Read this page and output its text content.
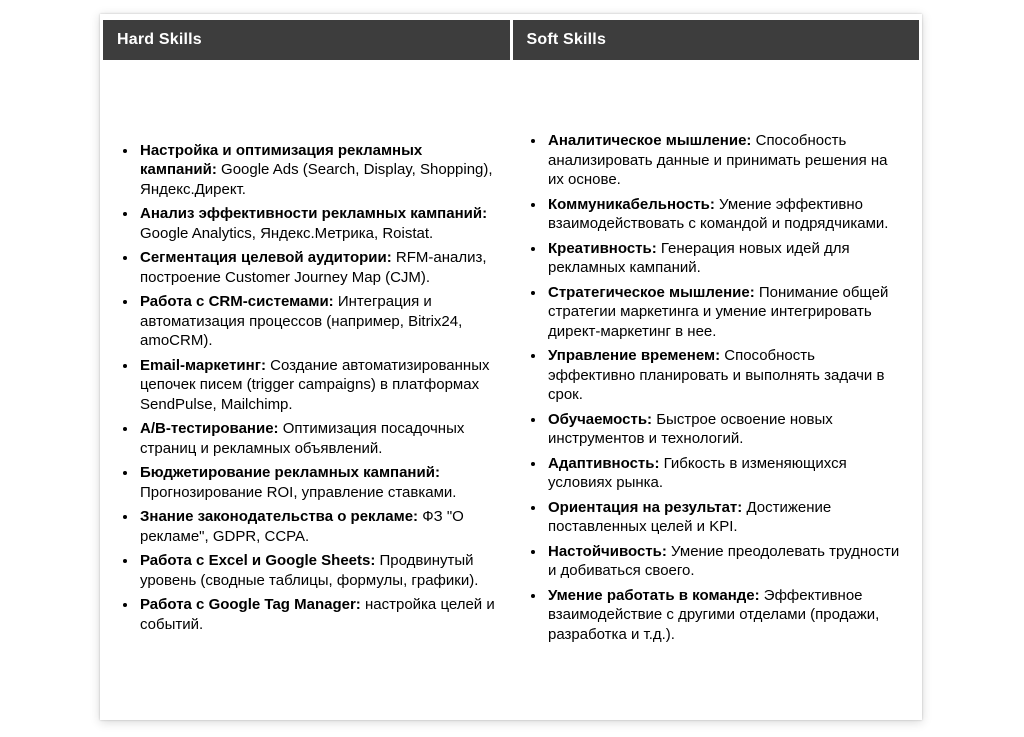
Hard Skills	Soft Skills
• Настройка и оптимизация рекламных кампаний: Google Ads (Search, Display, Shopping), Яндекс.Директ.
• Анализ эффективности рекламных кампаний: Google Analytics, Яндекс.Метрика, Roistat.
• Сегментация целевой аудитории: RFM-анализ, построение Customer Journey Map (CJM).
• Работа с CRM-системами: Интеграция и автоматизация процессов (например, Bitrix24, amoCRM).
• Email-маркетинг: Создание автоматизированных цепочек писем (trigger campaigns) в платформах SendPulse, Mailchimp.
• A/B-тестирование: Оптимизация посадочных страниц и рекламных объявлений.
• Бюджетирование рекламных кампаний: Прогнозирование ROI, управление ставками.
• Знание законодательства о рекламе: ФЗ "О рекламе", GDPR, CCPA.
• Работа с Excel и Google Sheets: Продвинутый уровень (сводные таблицы, формулы, графики).
• Работа с Google Tag Manager: настройка целей и событий.
• Аналитическое мышление: Способность анализировать данные и принимать решения на их основе.
• Коммуникабельность: Умение эффективно взаимодействовать с командой и подрядчиками.
• Креативность: Генерация новых идей для рекламных кампаний.
• Стратегическое мышление: Понимание общей стратегии маркетинга и умение интегрировать директ-маркетинг в нее.
• Управление временем: Способность эффективно планировать и выполнять задачи в срок.
• Обучаемость: Быстрое освоение новых инструментов и технологий.
• Адаптивность: Гибкость в изменяющихся условиях рынка.
• Ориентация на результат: Достижение поставленных целей и KPI.
• Настойчивость: Умение преодолевать трудности и добиваться своего.
• Умение работать в команде: Эффективное взаимодействие с другими отделами (продажи, разработка и т.д.).
